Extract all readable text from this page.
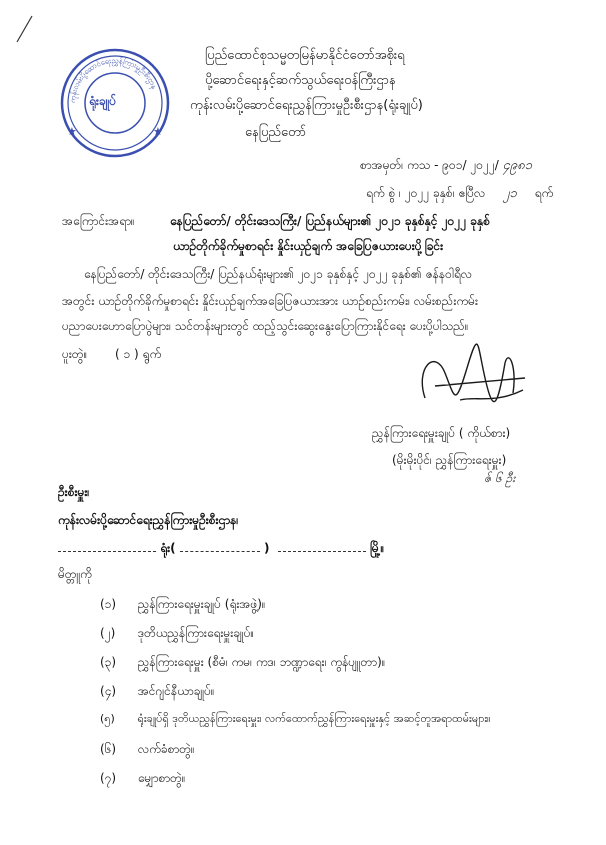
ကုန်းလမ်းပို့ဆောင်ရေးညွှန်ကြားမှုဦးစီးဌာန
★	★
ရုံးချုပ်
ပြည်ထောင်စုသမ္မတမြန်မာနိုင်ငံတော်အစိုးရ
ပို့ဆောင်ရေးနှင့်ဆက်သွယ်ရေးဝန်ကြီးဌာန
ကုန်းလမ်းပို့ဆောင်ရေးညွှန်ကြားမှုဦးစီးဌာန(ရုံးချုပ်)
နေပြည်တော်
စာအမှတ်၊ ကသ - ၉၀၁/ ၂၀၂၂/ ၄၉၈၁
ရက် စွဲ ၊ ၂၀၂၂ ခုနှစ်၊ ဧပြီလ ၂၁ ရက်
အကြောင်းအရာ။	နေပြည်တော်/ တိုင်းဒေသကြီး/ ပြည်နယ်များ၏ ၂၀၂၁ ခုနှစ်နှင့် ၂၀၂၂ ခုနှစ်
ယာဉ်တိုက်ခိုက်မှုစာရင်း နှိုင်းယှဉ်ချက် အခြေပြဇယားပေးပို့ခြင်း
နေပြည်တော်/ တိုင်းဒေသကြီး/ ပြည်နယ်ရုံးများ၏ ၂၀၂၁ ခုနှစ်နှင့် ၂၀၂၂ ခုနှစ်၏ ဇန်နဝါရီလ
အတွင်း ယာဉ်တိုက်ခိုက်မှုစာရင်း နှိုင်းယှဉ်ချက်အခြေပြဇယားအား ယာဉ်စည်းကမ်း၊ လမ်းစည်းကမ်း
ပညာပေးဟောပြောပွဲများ၊ သင်တန်းများတွင် ထည့်သွင်းဆွေးနွေးပြောကြားနိုင်ရေး ပေးပို့ပါသည်။
ပူးတွဲ။ ( ၁ ) ရွက်
ညွှန်ကြားရေးမှူးချုပ် ( ကိုယ်စား)
(မိုးမိုးပိုင်၊ ညွှန်ကြားရေးမှူး)
ဇ် ၆ ဦး
ဦးစီးမှူး၊
ကုန်းလမ်းပို့ဆောင်ရေးညွှန်ကြားမှုဦးစီးဌာန၊
ရုံး(	)	မြို့။
မိတ္တူကို
(၁) ညွှန်ကြားရေးမှူးချုပ် (ရုံးအဖွဲ့)။
(၂) ဒုတိယညွှန်ကြားရေးမှူးချုပ်။
(၃) ညွှန်ကြားရေးမှူး (စီမံ၊ ကမ၊ ကဒ၊ ဘဏ္ဍာရေး၊ ကွန်ပျူတာ)။
(၄) အင်ဂျင်နီယာချုပ်။
(၅) ရုံးချုပ်ရှိ ဒုတိယညွှန်ကြားရေးမှူး၊ လက်ထောက်ညွှန်ကြားရေးမှူးနှင့် အဆင့်တူအရာထမ်းများ။
(၆) လက်ခံစာတွဲ။
(၇) မျှောစာတွဲ။
